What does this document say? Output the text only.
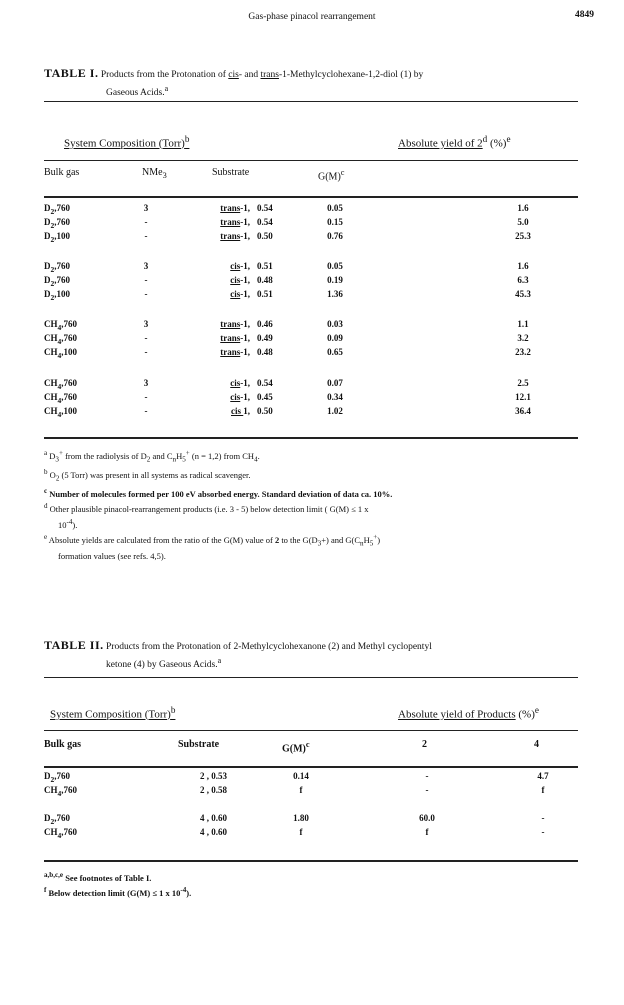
Gas-phase pinacol rearrangement	4849
TABLE I. Products from the Protonation of cis- and trans-1-Methylcyclohexane-1,2-diol (1) by
Gaseous Acids.$^a$
System Composition (Torr)$^b$	Absolute yield of 2$^d$ (%)$^e$
Bulk gas	NMe$_3$	Substrate	$G(M)^c$
$D_2,760$	3	trans-1, 0.54	0.05	1.6
$D_2,760$	-	trans-1, 0.54	0.15	5.0
$D_2,100$	-	trans-1, 0.50	0.76	25.3
$D_2,760$	3	cis-1, 0.51	0.05	1.6
$D_2,760$	-	cis-1, 0.48	0.19	6.3
$D_2,100$	-	cis-1, 0.51	1.36	45.3
$CH_4,760$	3	trans-1, 0.46	0.03	1.1
$CH_4,760$	-	trans-1, 0.49	0.09	3.2
$CH_4,100$	-	trans-1, 0.48	0.65	23.2
$CH_4,760$	3	cis-1, 0.54	0.07	2.5
$CH_4,760$	-	cis-1, 0.45	0.34	12.1
$CH_4,100$	-	cis 1, 0.50	1.02	36.4
$^a$ $D_3^+$ from the radiolysis of $D_2$ and $C_nH_5^+$ (n = 1,2) from $CH_4$.
$^b$ $O_2$ (5 Torr) was present in all systems as radical scavenger.
$^c$ Number of molecules formed per 100 eV absorbed energy. Standard deviation of data ca. 10%.
$^d$ Other plausible pinacol-rearrangement products (i.e. 3 - 5) below detection limit ( G(M) ≤ 1 x
$10^{-4}$).
$^e$ Absolute yields are calculated from the ratio of the G(M) value of 2 to the $G(D_3+)$ and $G(C_nH_5^+)$
formation values (see refs. 4,5).
TABLE II. Products from the Protonation of 2-Methylcyclohexanone (2) and Methyl cyclopentyl
ketone (4) by Gaseous Acids.$^a$
System Composition (Torr)$^b$	Absolute yield of Products (%)$^e$
Bulk gas	Substrate	$G(M)^c$	2	4
$D_2,760$	2 , 0.53	0.14	-	4.7
$CH_4,760$	2 , 0.58	f	-	f
$D_2,760$	4 , 0.60	1.80	60.0	-
$CH_4,760$	4 , 0.60	f	f	-
$^{a,b,c,e}$ See footnotes of Table I.
$^f$ Below detection limit (G(M) ≤ 1 x $10^{-4}$).
